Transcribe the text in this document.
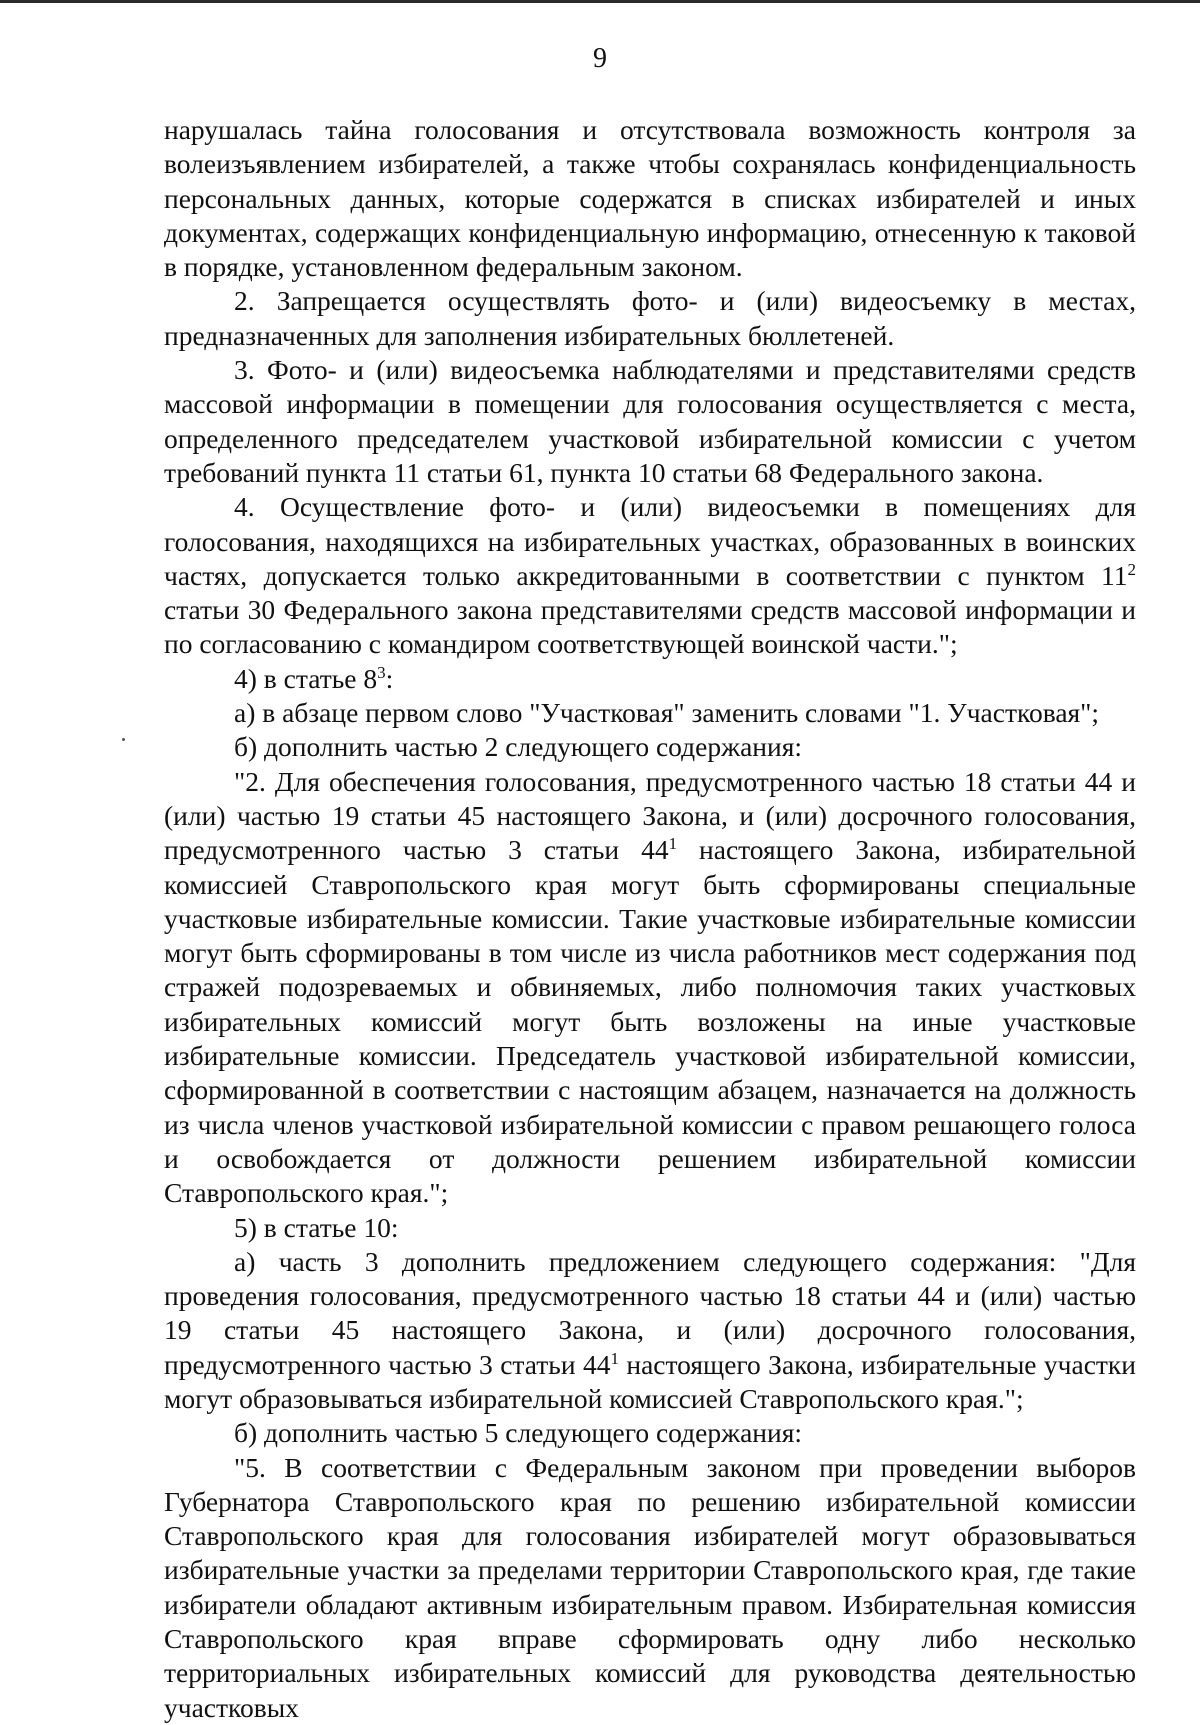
9

нарушалась тайна голосования и отсутствовала возможность контроля за волеизъявлением избирателей, а также чтобы сохранялась конфиденциальность персональных данных, которые содержатся в списках избирателей и иных документах, содержащих конфиденциальную информацию, отнесенную к таковой в порядке, установленном федеральным законом.

2. Запрещается осуществлять фото- и (или) видеосъемку в местах, предназначенных для заполнения избирательных бюллетеней.

3. Фото- и (или) видеосъемка наблюдателями и представителями средств массовой информации в помещении для голосования осуществляется с места, определенного председателем участковой избирательной комиссии с учетом требований пункта 11 статьи 61, пункта 10 статьи 68 Федерального закона.

4. Осуществление фото- и (или) видеосъемки в помещениях для голосования, находящихся на избирательных участках, образованных в воинских частях, допускается только аккредитованными в соответствии с пунктом $11^2$ статьи 30 Федерального закона представителями средств массовой информации и по согласованию с командиром соответствующей воинской части.";

4) в статье $8^3$:

а) в абзаце первом слово "Участковая" заменить словами "1. Участковая";

б) дополнить частью 2 следующего содержания:

"2. Для обеспечения голосования, предусмотренного частью 18 статьи 44 и (или) частью 19 статьи 45 настоящего Закона, и (или) досрочного голосования, предусмотренного частью 3 статьи $44^1$ настоящего Закона, избирательной комиссией Ставропольского края могут быть сформированы специальные участковые избирательные комиссии. Такие участковые избирательные комиссии могут быть сформированы в том числе из числа работников мест содержания под стражей подозреваемых и обвиняемых, либо полномочия таких участковых избирательных комиссий могут быть возложены на иные участковые избирательные комиссии. Председатель участковой избирательной комиссии, сформированной в соответствии с настоящим абзацем, назначается на должность из числа членов участковой избирательной комиссии с правом решающего голоса и освобождается от должности решением избирательной комиссии Ставропольского края.";

5) в статье 10:

а) часть 3 дополнить предложением следующего содержания: "Для проведения голосования, предусмотренного частью 18 статьи 44 и (или) частью 19 статьи 45 настоящего Закона, и (или) досрочного голосования, предусмотренного частью 3 статьи $44^1$ настоящего Закона, избирательные участки могут образовываться избирательной комиссией Ставропольского края.";

б) дополнить частью 5 следующего содержания:

"5. В соответствии с Федеральным законом при проведении выборов Губернатора Ставропольского края по решению избирательной комиссии Ставропольского края для голосования избирателей могут образовываться избирательные участки за пределами территории Ставропольского края, где такие избиратели обладают активным избирательным правом. Избирательная комиссия Ставропольского края вправе сформировать одну либо несколько территориальных избирательных комиссий для руководства деятельностью участковых
